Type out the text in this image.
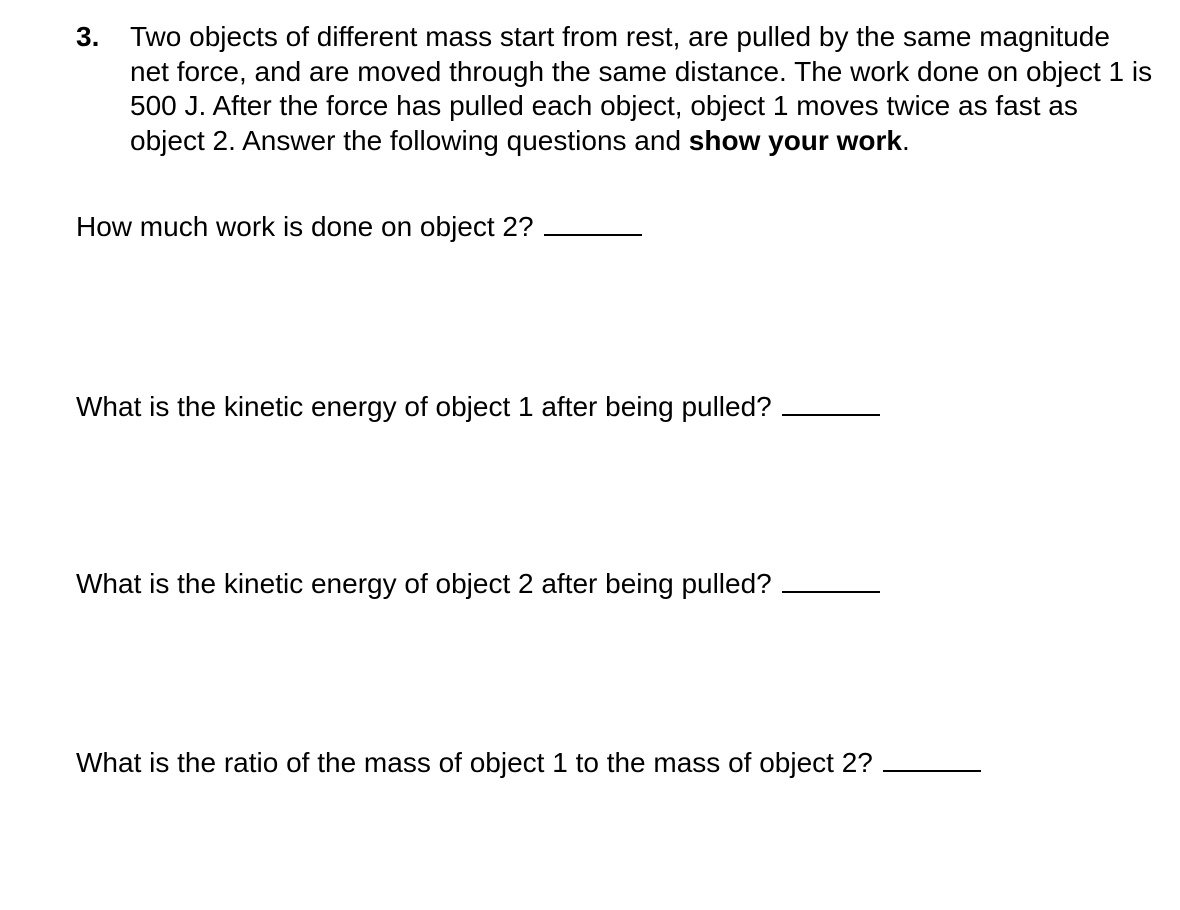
3. Two objects of different mass start from rest, are pulled by the same magnitude net force, and are moved through the same distance. The work done on object 1 is 500 J. After the force has pulled each object, object 1 moves twice as fast as object 2. Answer the following questions and show your work.
How much work is done on object 2?
What is the kinetic energy of object 1 after being pulled?
What is the kinetic energy of object 2 after being pulled?
What is the ratio of the mass of object 1 to the mass of object 2?
